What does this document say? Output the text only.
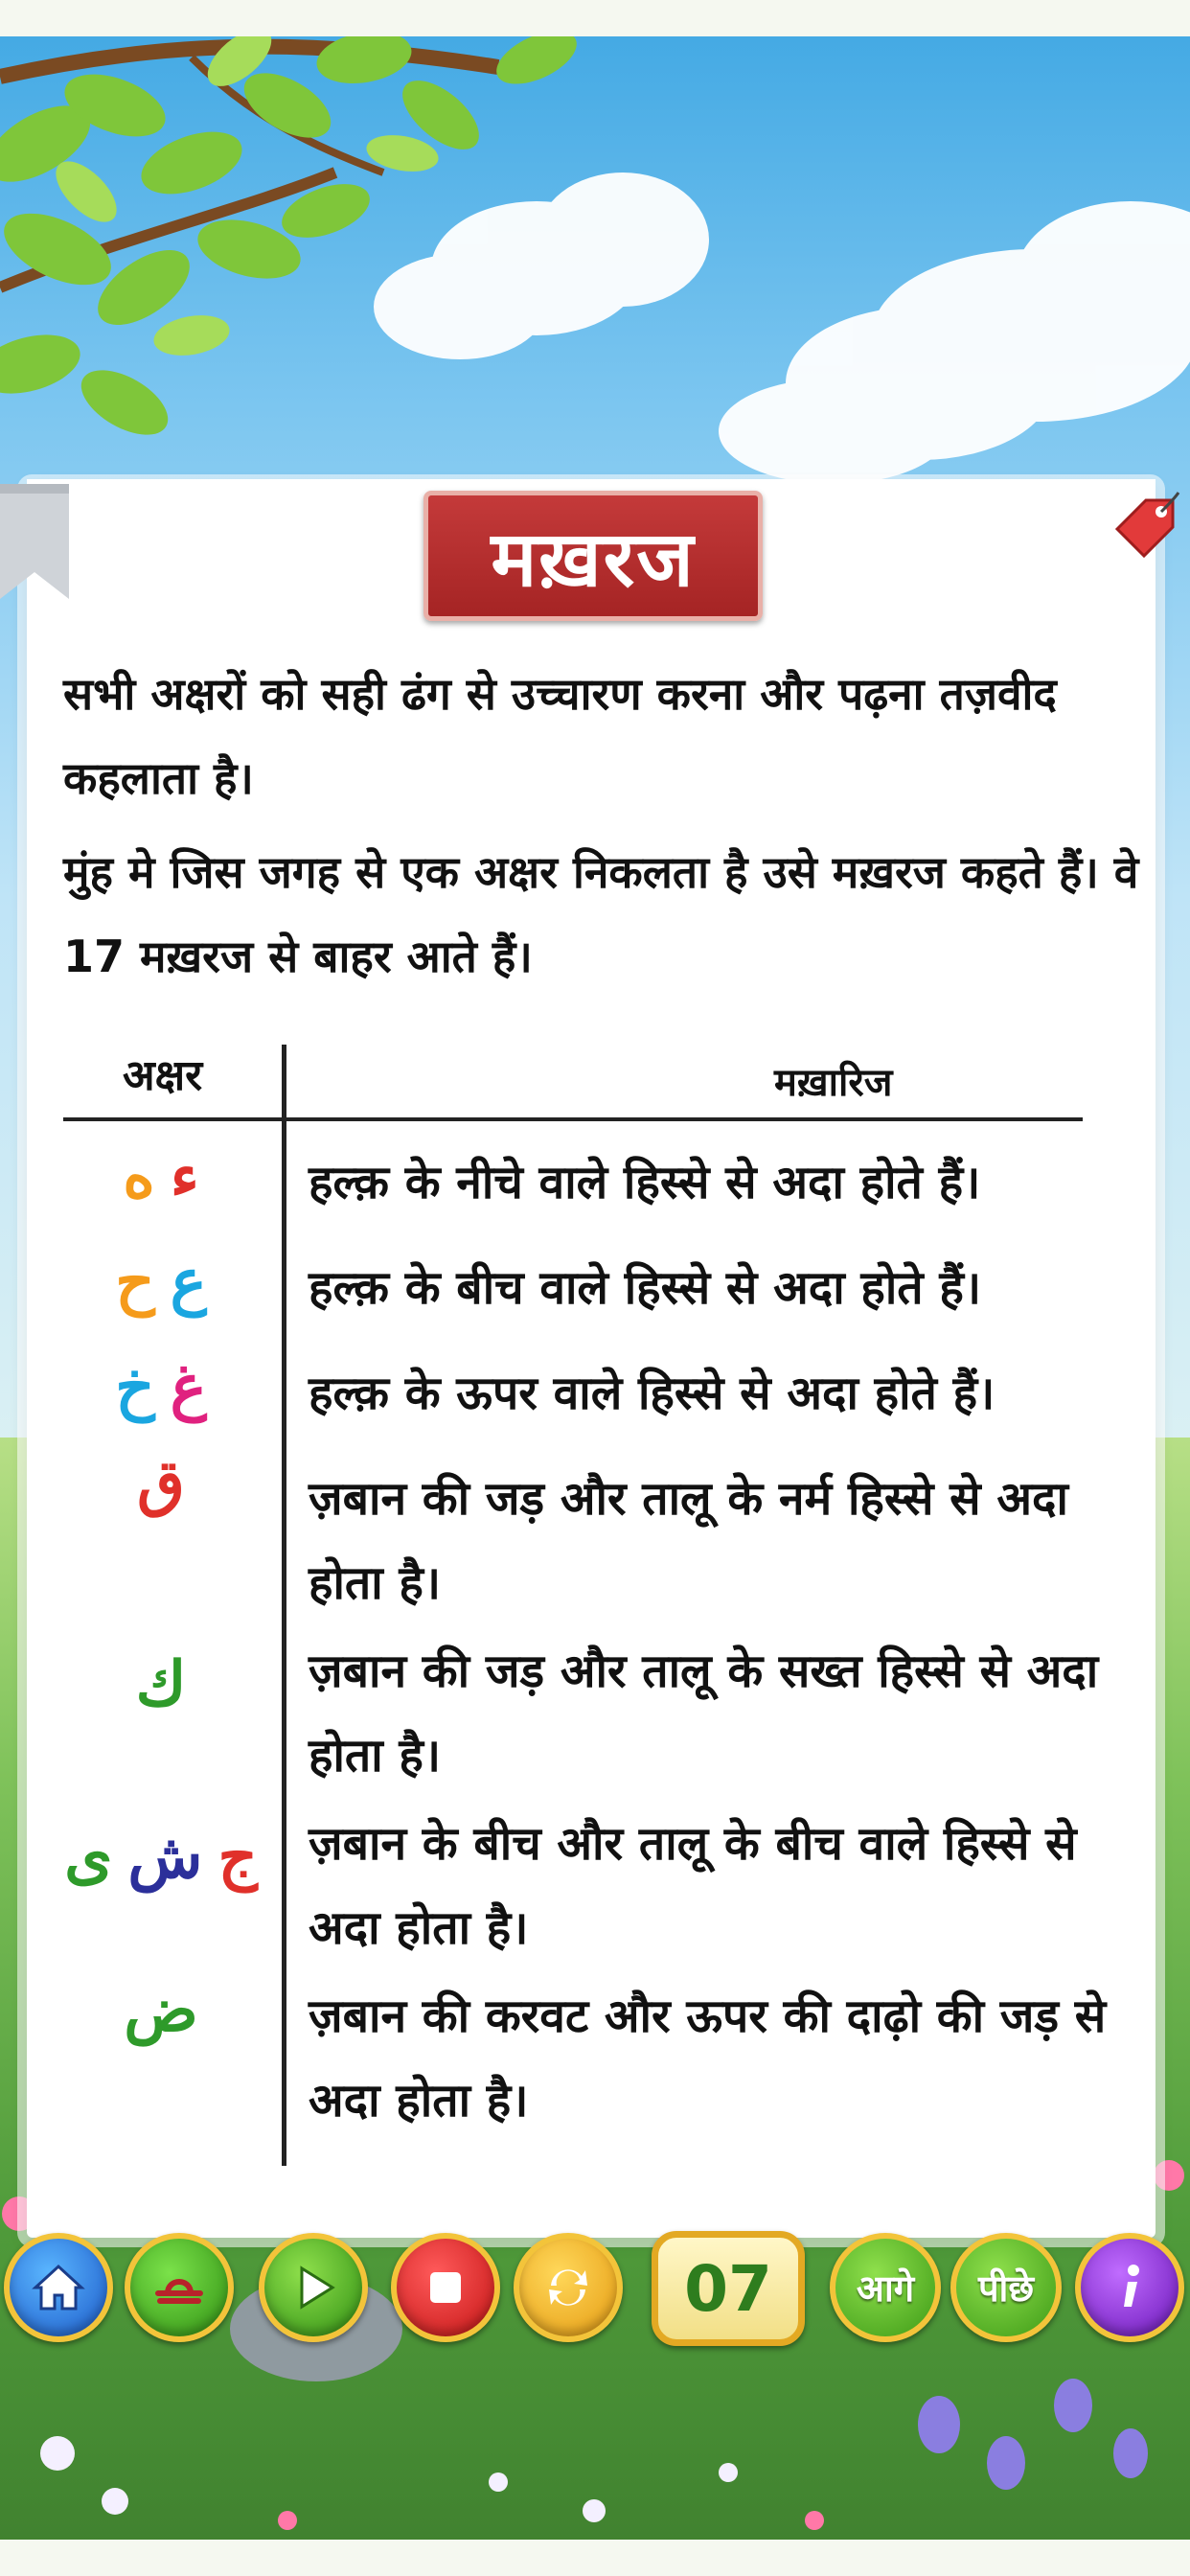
मख़रज

सभी अक्षरों को सही ढंग से उच्चारण करना और पढ़ना तज़वीद कहलाता है।

मुंह मे जिस जगह से एक अक्षर निकलता है उसे मख़रज कहते हैं। वे 17 मख़रज से बाहर आते हैं।

अक्षर	मख़ारिज
ه ء हल्क़ के नीचे वाले हिस्से से अदा होते हैं।
ح ع हल्क़ के बीच वाले हिस्से से अदा होते हैं।
خ غ हल्क़ के ऊपर वाले हिस्से से अदा होते हैं।
ق	ज़बान की जड़ और तालू के नर्म हिस्से से अदा होता है।
ك	ज़बान की जड़ और तालू के सख्त हिस्से से अदा होता है।
ی ش ج ज़बान के बीच और तालू के बीच वाले हिस्से से अदा होता है।
ض ज़बान की करवट और ऊपर की दाढ़ो की जड़ से अदा होता है।
07	आगे	पीछे
